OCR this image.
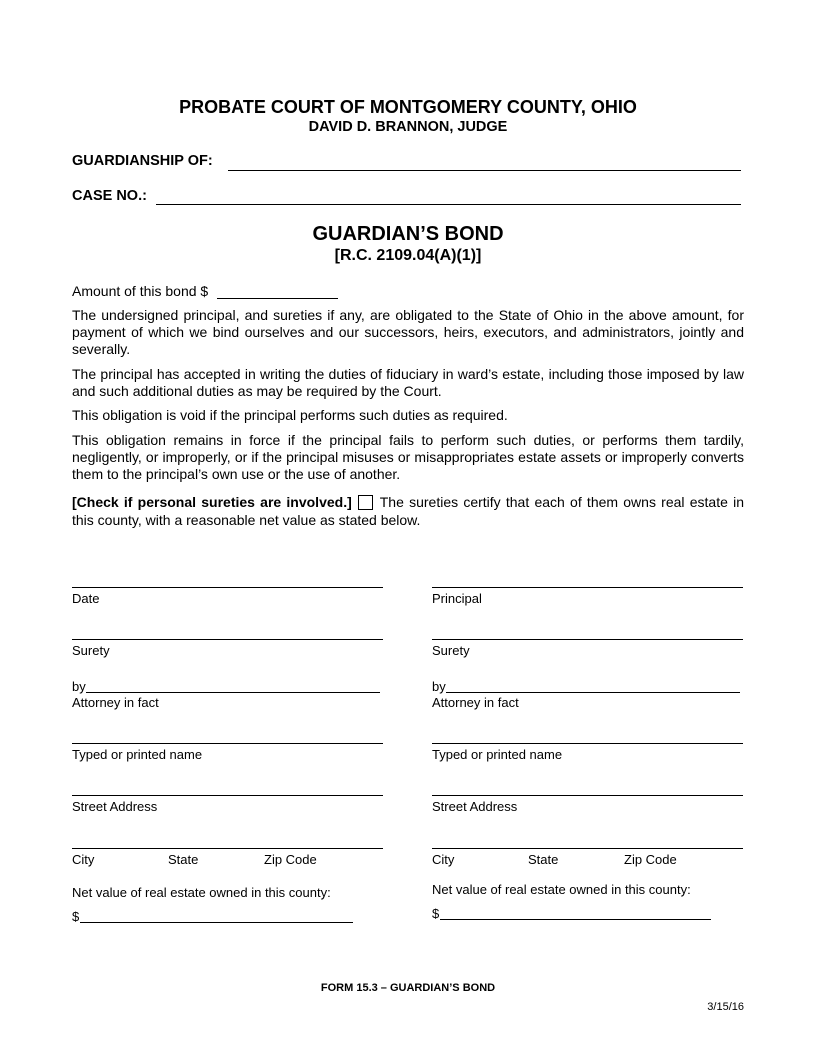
PROBATE COURT OF MONTGOMERY COUNTY, OHIO
DAVID D. BRANNON, JUDGE
GUARDIANSHIP OF:
CASE NO.:
GUARDIAN’S BOND
[R.C. 2109.04(A)(1)]
Amount of this bond $
The undersigned principal, and sureties if any, are obligated to the State of Ohio in the above amount, for payment of which we bind ourselves and our successors, heirs, executors, and administrators, jointly and severally.
The principal has accepted in writing the duties of fiduciary in ward’s estate, including those imposed by law and such additional duties as may be required by the Court.
This obligation is void if the principal performs such duties as required.
This obligation remains in force if the principal fails to perform such duties, or performs them tardily, negligently, or improperly, or if the principal misuses or misappropriates estate assets or improperly converts them to the principal’s own use or the use of another.
[Check if personal sureties are involved.] The sureties certify that each of them owns real estate in this county, with a reasonable net value as stated below.
Date
Surety
by
Attorney in fact
Typed or printed name
Street Address
City	State	Zip Code
Net value of real estate owned in this county:
$
Principal
Surety
by
Attorney in fact
Typed or printed name
Street Address
City	State	Zip Code
Net value of real estate owned in this county:
$
FORM 15.3 – GUARDIAN’S BOND
3/15/16
